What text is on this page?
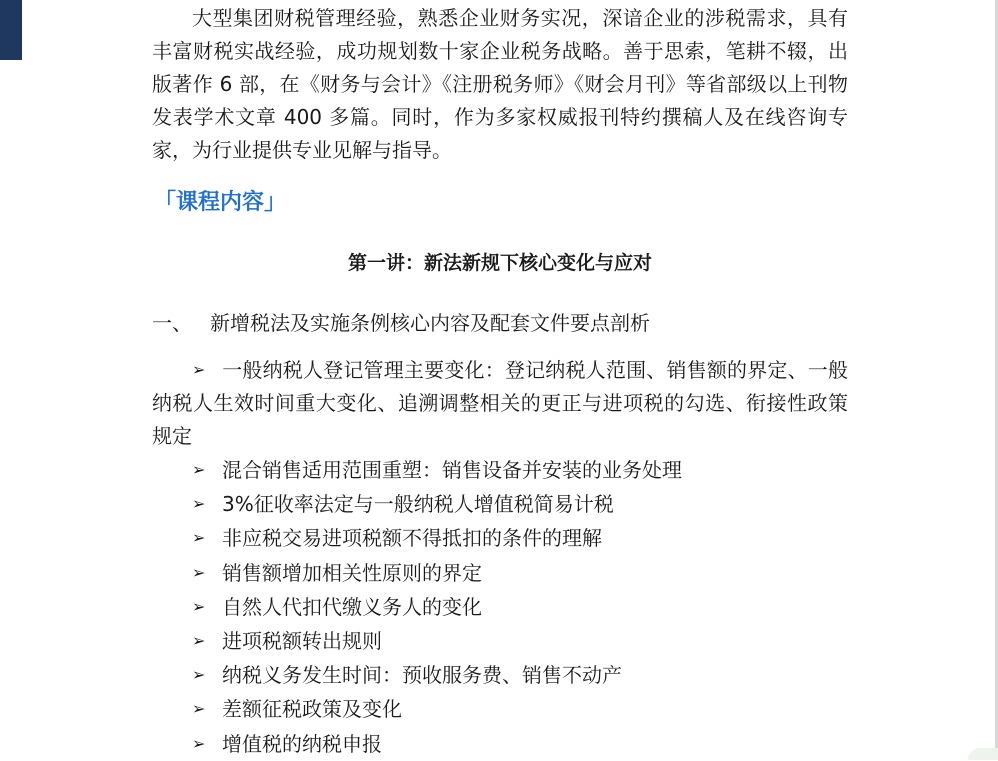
大型集团财税管理经验，熟悉企业财务实况，深谙企业的涉税需求，具有丰富财税实战经验，成功规划数十家企业税务战略。善于思索，笔耕不辍，出版著作 6 部，在《财务与会计》《注册税务师》《财会月刊》等省部级以上刊物发表学术文章 400 多篇。同时，作为多家权威报刊特约撰稿人及在线咨询专家，为行业提供专业见解与指导。

「课程内容」
第一讲：新法新规下核心变化与应对

一、 新增税法及实施条例核心内容及配套文件要点剖析

➢ 一般纳税人登记管理主要变化：登记纳税人范围、销售额的界定、一般纳税人生效时间重大变化、追溯调整相关的更正与进项税的勾选、衔接性政策规定

➢ 混合销售适用范围重塑：销售设备并安装的业务处理
➢ 3%征收率法定与一般纳税人增值税简易计税
➢ 非应税交易进项税额不得抵扣的条件的理解
➢ 销售额增加相关性原则的界定
➢ 自然人代扣代缴义务人的变化
➢ 进项税额转出规则
➢ 纳税义务发生时间：预收服务费、销售不动产
➢ 差额征税政策及变化
➢ 增值税的纳税申报
